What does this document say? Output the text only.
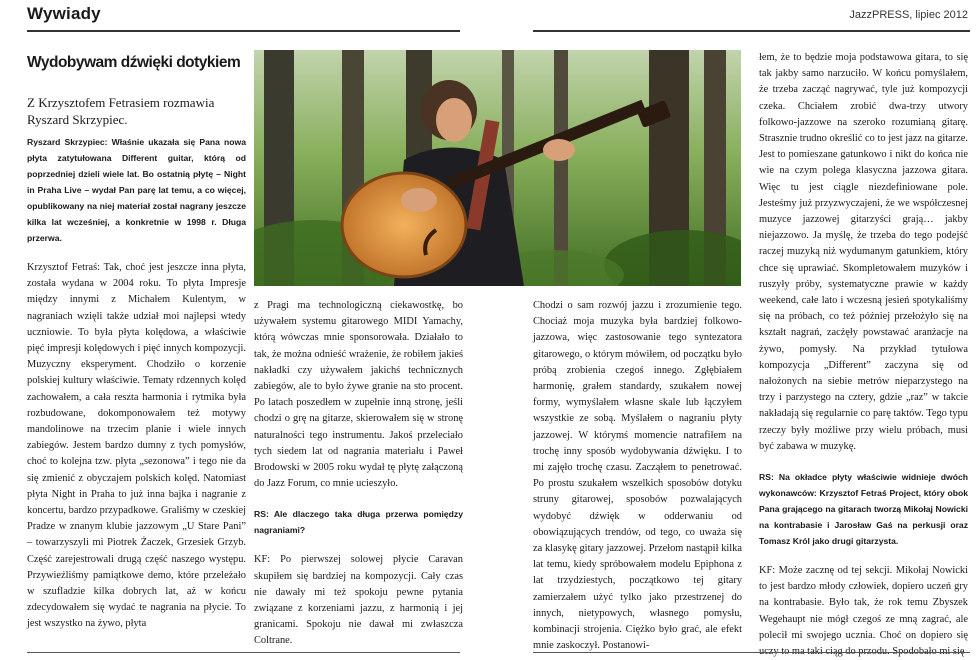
Wywiady	JazzPRESS, lipiec 2012
Wydobywam dźwięki dotykiem
Z Krzysztofem Fetrasiem rozmawia Ryszard Skrzypiec.

Ryszard Skrzypiec: Właśnie ukazała się Pana nowa płyta zatytułowana Different guitar, którą od poprzedniej dzieli wiele lat. Bo ostatnią płytę – Night in Praha Live – wydał Pan parę lat temu, a co więcej, opublikowany na niej materiał został nagrany jeszcze kilka lat wcześniej, a konkretnie w 1998 r. Długa przerwa.

Krzysztof Fetraś: Tak, choć jest jeszcze inna płyta, została wydana w 2004 roku. To płyta Impresje między innymi z Michałem Kulentym, w nagraniach wzięli także udział moi najlepsi wtedy uczniowie. To była płyta kolędowa, a właściwie pięć impresji kolędowych i pięć innych kompozycji. Muzyczny eksperyment. Chodziło o korzenie polskiej kultury właściwie. Tematy rdzennych kolęd zachowałem, a cała reszta harmonia i rytmika była rozbudowane, dokomponowałem też motywy mandolinowe na trzecim planie i wiele innych zabiegów. Jestem bardzo dumny z tych pomysłów, choć to kolejna tzw. płyta „sezonowa” i tego nie da się zmienić z obyczajem polskich kolęd. Natomiast płyta Night in Praha to już inna bajka i nagranie z koncertu, bardzo przypadkowe. Graliśmy w czeskiej Pradze w znanym klubie jazzowym „U Stare Pani” – towarzyszyli mi Piotrek Żaczek, Grzesiek Grzyb. Część zarejestrowali drugą część naszego występu. Przywieźliśmy pamiątkowe demo, które przeleżało w szufladzie kilka dobrych lat, aż w końcu zdecydowałem się wydać te nagrania na płycie. To jest wszystko na żywo, płyta

z Pragi ma technologiczną ciekawostkę, bo używałem systemu gitarowego MIDI Yamachy, którą wówczas mnie sponsorowała. Działało to tak, że można odnieść wrażenie, że robiłem jakieś nakładki czy używałem jakichś technicznych zabiegów, ale to było żywe granie na sto procent. Po latach poszedłem w zupełnie inną stronę, jeśli chodzi o grę na gitarze, skierowałem się w stronę naturalności tego instrumentu. Jakoś przeleciało tych siedem lat od nagrania materiału i Paweł Brodowski w 2005 roku wydał tę płytę załączoną do Jazz Forum, co mnie ucieszyło.

RS: Ale dlaczego taka długa przerwa pomiędzy nagraniami?

KF: Po pierwszej solowej płycie Caravan skupiłem się bardziej na kompozycji. Cały czas nie dawały mi też spokoju pewne pytania związane z korzeniami jazzu, z harmonią i jej granicami. Spokoju nie dawał mi zwłaszcza Coltrane.

Chodzi o sam rozwój jazzu i zrozumienie tego. Chociaż moja muzyka była bardziej folkowo-jazzowa, więc zastosowanie tego syntezatora gitarowego, o którym mówiłem, od początku było próbą zrobienia czegoś innego. Zgłębiałem harmonię, grałem standardy, szukałem nowej formy, wymyślałem własne skale lub łączyłem wszystkie ze sobą. Myślałem o nagraniu płyty jazzowej. W którymś momencie natrafiłem na trochę inny sposób wydobywania dźwięku. I to mi zajęło trochę czasu. Zacząłem to penetrować. Po prostu szukałem wszelkich sposobów dotyku struny gitarowej, sposobów pozwalających wydobyć dźwięk w odderwaniu od obowiązujących trendów, od tego, co uważa się za klasykę gitary jazzowej. Przełom nastąpił kilka lat temu, kiedy spróbowałem modelu Epiphona z lat trzydziestych, początkowo tej gitary zamierzałem użyć tylko jako przestrzenej do innych, nietypowych, własnego pomysłu, kombinacji strojenia. Ciężko było grać, ale efekt mnie zaskoczył. Postanowi-

łem, że to będzie moja podstawowa gitara, to się tak jakby samo narzuciło. W końcu pomyślałem, że trzeba zacząć nagrywać, tyle już kompozycji czeka. Chciałem zrobić dwa-trzy utwory folkowo-jazzowe na szeroko rozumianą gitarę. Strasznie trudno określić co to jest jazz na gitarze. Jest to pomieszane gatunkowo i nikt do końca nie wie na czym polega klasyczna jazzowa gitara. Więc tu jest ciągle niezdefiniowane pole. Jesteśmy już przyzwyczajeni, że we współczesnej muzyce jazzowej gitarzyści grają… jakby niejazzowo. Ja myślę, że trzeba do tego podejść raczej muzyką niż wydumanym gatunkiem, który chce się uprawiać. Skompletowałem muzyków i ruszyły próby, systematyczne prawie w każdy weekend, całe lato i wczesną jesień spotykaliśmy się na próbach, co też później przełożyło się na kształt nagrań, zacżęły powstawać aranżacje na żywo, pomysły. Na przykład tytułowa kompozycja „Different” zaczyna się od nałożonych na siebie metrów nieparzystego na trzy i parzystego na cztery, gdzie „raz” w takcie nakładają się regularnie co parę taktów. Tego typu rzeczy były możliwe przy wielu próbach, musi być zabawa w muzykę.

RS: Na okładce płyty właściwie widnieje dwóch wykonawców: Krzysztof Fetraś Project, który obok Pana grającego na gitarach tworzą Mikołaj Nowicki na kontrabasie i Jarosław Gaś na perkusji oraz Tomasz Król jako drugi gitarzysta.

KF: Może zacznę od tej sekcji. Mikołaj Nowicki to jest bardzo młody człowiek, dopiero uczeń gry na kontrabasie. Było tak, że rok temu Zbyszek Wegehaupt nie mógł czegoś ze mną zagrać, ale polecił mi swojego ucznia. Choć on dopiero się
